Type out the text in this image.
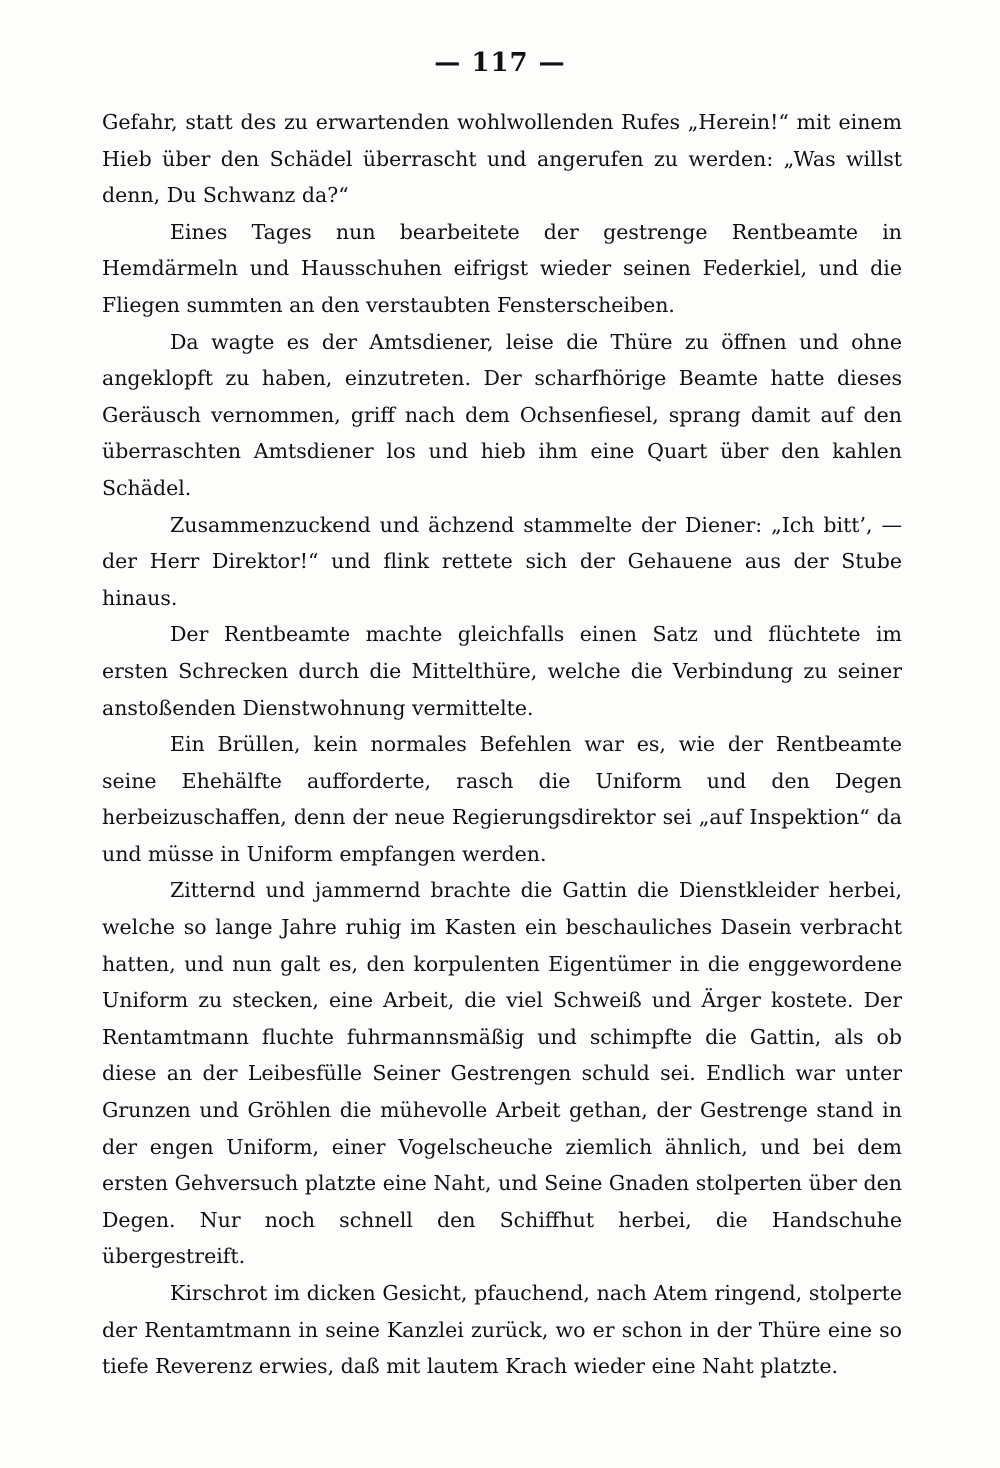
— 117 —

Gefahr, statt des zu erwartenden wohlwollenden Rufes „Herein!“ mit einem Hieb über den Schädel überrascht und angerufen zu werden: „Was willst denn, Du Schwanz da?“

Eines Tages nun bearbeitete der gestrenge Rentbeamte in Hemdärmeln und Hausschuhen eifrigst wieder seinen Federkiel, und die Fliegen summten an den verstaubten Fensterscheiben.

Da wagte es der Amtsdiener, leise die Thüre zu öffnen und ohne angeklopft zu haben, einzutreten. Der scharfhörige Beamte hatte dieses Geräusch vernommen, griff nach dem Ochsenfiesel, sprang damit auf den überraschten Amtsdiener los und hieb ihm eine Quart über den kahlen Schädel.

Zusammenzuckend und ächzend stammelte der Diener: „Ich bitt’, — der Herr Direktor!“ und flink rettete sich der Gehauene aus der Stube hinaus.

Der Rentbeamte machte gleichfalls einen Satz und flüchtete im ersten Schrecken durch die Mittelthüre, welche die Verbindung zu seiner anstoßenden Dienstwohnung vermittelte.

Ein Brüllen, kein normales Befehlen war es, wie der Rentbeamte seine Ehehälfte aufforderte, rasch die Uniform und den Degen herbeizuschaffen, denn der neue Regierungsdirektor sei „auf Inspektion“ da und müsse in Uniform empfangen werden.

Zitternd und jammernd brachte die Gattin die Dienstkleider herbei, welche so lange Jahre ruhig im Kasten ein beschauliches Dasein verbracht hatten, und nun galt es, den korpulenten Eigentümer in die enggewordene Uniform zu stecken, eine Arbeit, die viel Schweiß und Ärger kostete. Der Rentamtmann fluchte fuhrmannsmäßig und schimpfte die Gattin, als ob diese an der Leibesfülle Seiner Gestrengen schuld sei. Endlich war unter Grunzen und Gröhlen die mühevolle Arbeit gethan, der Gestrenge stand in der engen Uniform, einer Vogelscheuche ziemlich ähnlich, und bei dem ersten Gehversuch platzte eine Naht, und Seine Gnaden stolperten über den Degen. Nur noch schnell den Schiffhut herbei, die Handschuhe übergestreift.

Kirschrot im dicken Gesicht, pfauchend, nach Atem ringend, stolperte der Rentamtmann in seine Kanzlei zurück, wo er schon in der Thüre eine so tiefe Reverenz erwies, daß mit lautem Krach wieder eine Naht platzte.
